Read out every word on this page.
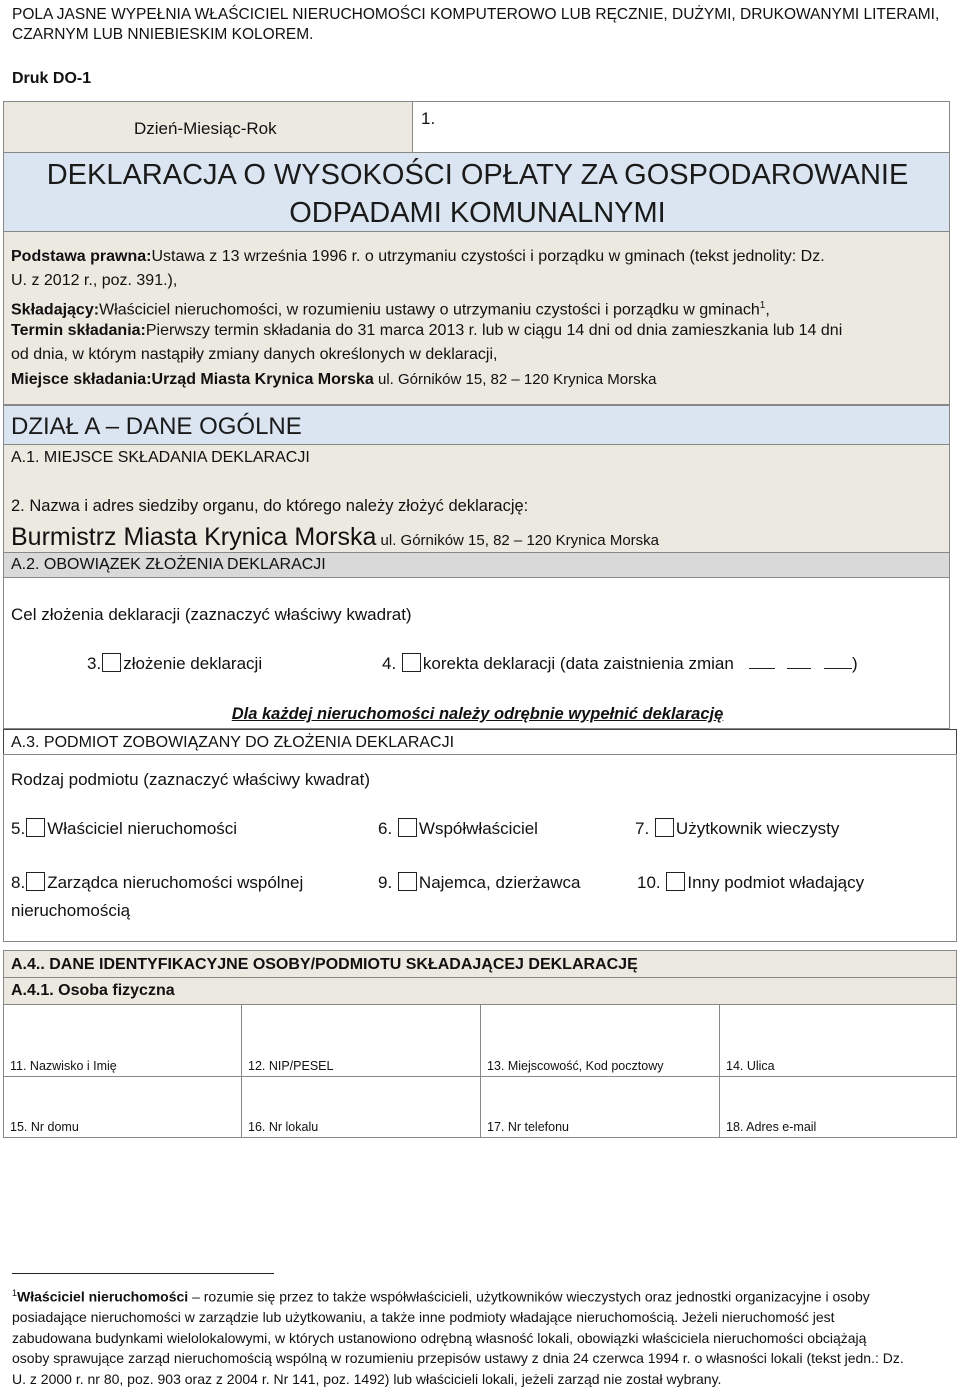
POLA JASNE WYPEŁNIA WŁAŚCICIEL NIERUCHOMOŚCI KOMPUTEROWO LUB RĘCZNIE, DUŻYMI, DRUKOWANYMI LITERAMI,
CZARNYM LUB NNIEBIESKIM KOLOREM.
Druk DO-1
Dzień-Miesiąc-Rok
1.
DEKLARACJA O WYSOKOŚCI OPŁATY ZA GOSPODAROWANIE
ODPADAMI KOMUNALNYMI
Podstawa prawna:Ustawa z 13 września 1996 r. o utrzymaniu czystości i porządku w gminach (tekst jednolity: Dz.
U. z 2012 r., poz. 391.),
Składający:Właściciel nieruchomości, w rozumieniu ustawy o utrzymaniu czystości i porządku w gminach$^1$,
Termin składania:Pierwszy termin składania do 31 marca 2013 r. lub w ciągu 14 dni od dnia zamieszkania lub 14 dni
od dnia, w którym nastąpiły zmiany danych określonych w deklaracji,
Miejsce składania:Urząd Miasta Krynica Morska ul. Górników 15, 82 – 120 Krynica Morska
DZIAŁ A – DANE OGÓLNE
A.1. MIEJSCE SKŁADANIA DEKLARACJI
2. Nazwa i adres siedziby organu, do którego należy złożyć deklarację:
Burmistrz Miasta Krynica Morska ul. Górników 15, 82 – 120 Krynica Morska
A.2. OBOWIĄZEK ZŁOŻENIA DEKLARACJI
Cel złożenia deklaracji (zaznaczyć właściwy kwadrat)
3. złożenie deklaracji	4. korekta deklaracji (data zaistnienia zmian	)
Dla każdej nieruchomości należy odrębnie wypełnić deklarację
A.3. PODMIOT ZOBOWIĄZANY DO ZŁOŻENIA DEKLARACJI
Rodzaj podmiotu (zaznaczyć właściwy kwadrat)
5. Właściciel nieruchomości	6. Współwłaściciel	7. Użytkownik wieczysty
8. Zarządca nieruchomości wspólnej
nieruchomością
9. Najemca, dzierżawca	10. Inny podmiot władający
A.4.. DANE IDENTYFIKACYJNE OSOBY/PODMIOTU SKŁADAJĄCEJ DEKLARACJĘ
A.4.1. Osoba fizyczna
11. Nazwisko i Imię	12. NIP/PESEL	13. Miejscowość, Kod pocztowy	14. Ulica
15. Nr domu	16. Nr lokalu	17. Nr telefonu	18. Adres e-mail
$^1$Właściciel nieruchomości – rozumie się przez to także współwłaścicieli, użytkowników wieczystych oraz jednostki organizacyjne i osoby
posiadające nieruchomości w zarządzie lub użytkowaniu, a także inne podmioty władające nieruchomością. Jeżeli nieruchomość jest
zabudowana budynkami wielolokalowymi, w których ustanowiono odrębną własność lokali, obowiązki właściciela nieruchomości obciążają
osoby sprawujące zarząd nieruchomością wspólną w rozumieniu przepisów ustawy z dnia 24 czerwca 1994 r. o własności lokali (tekst jedn.: Dz.
U. z 2000 r. nr 80, poz. 903 oraz z 2004 r. Nr 141, poz. 1492) lub właścicieli lokali, jeżeli zarząd nie został wybrany.
